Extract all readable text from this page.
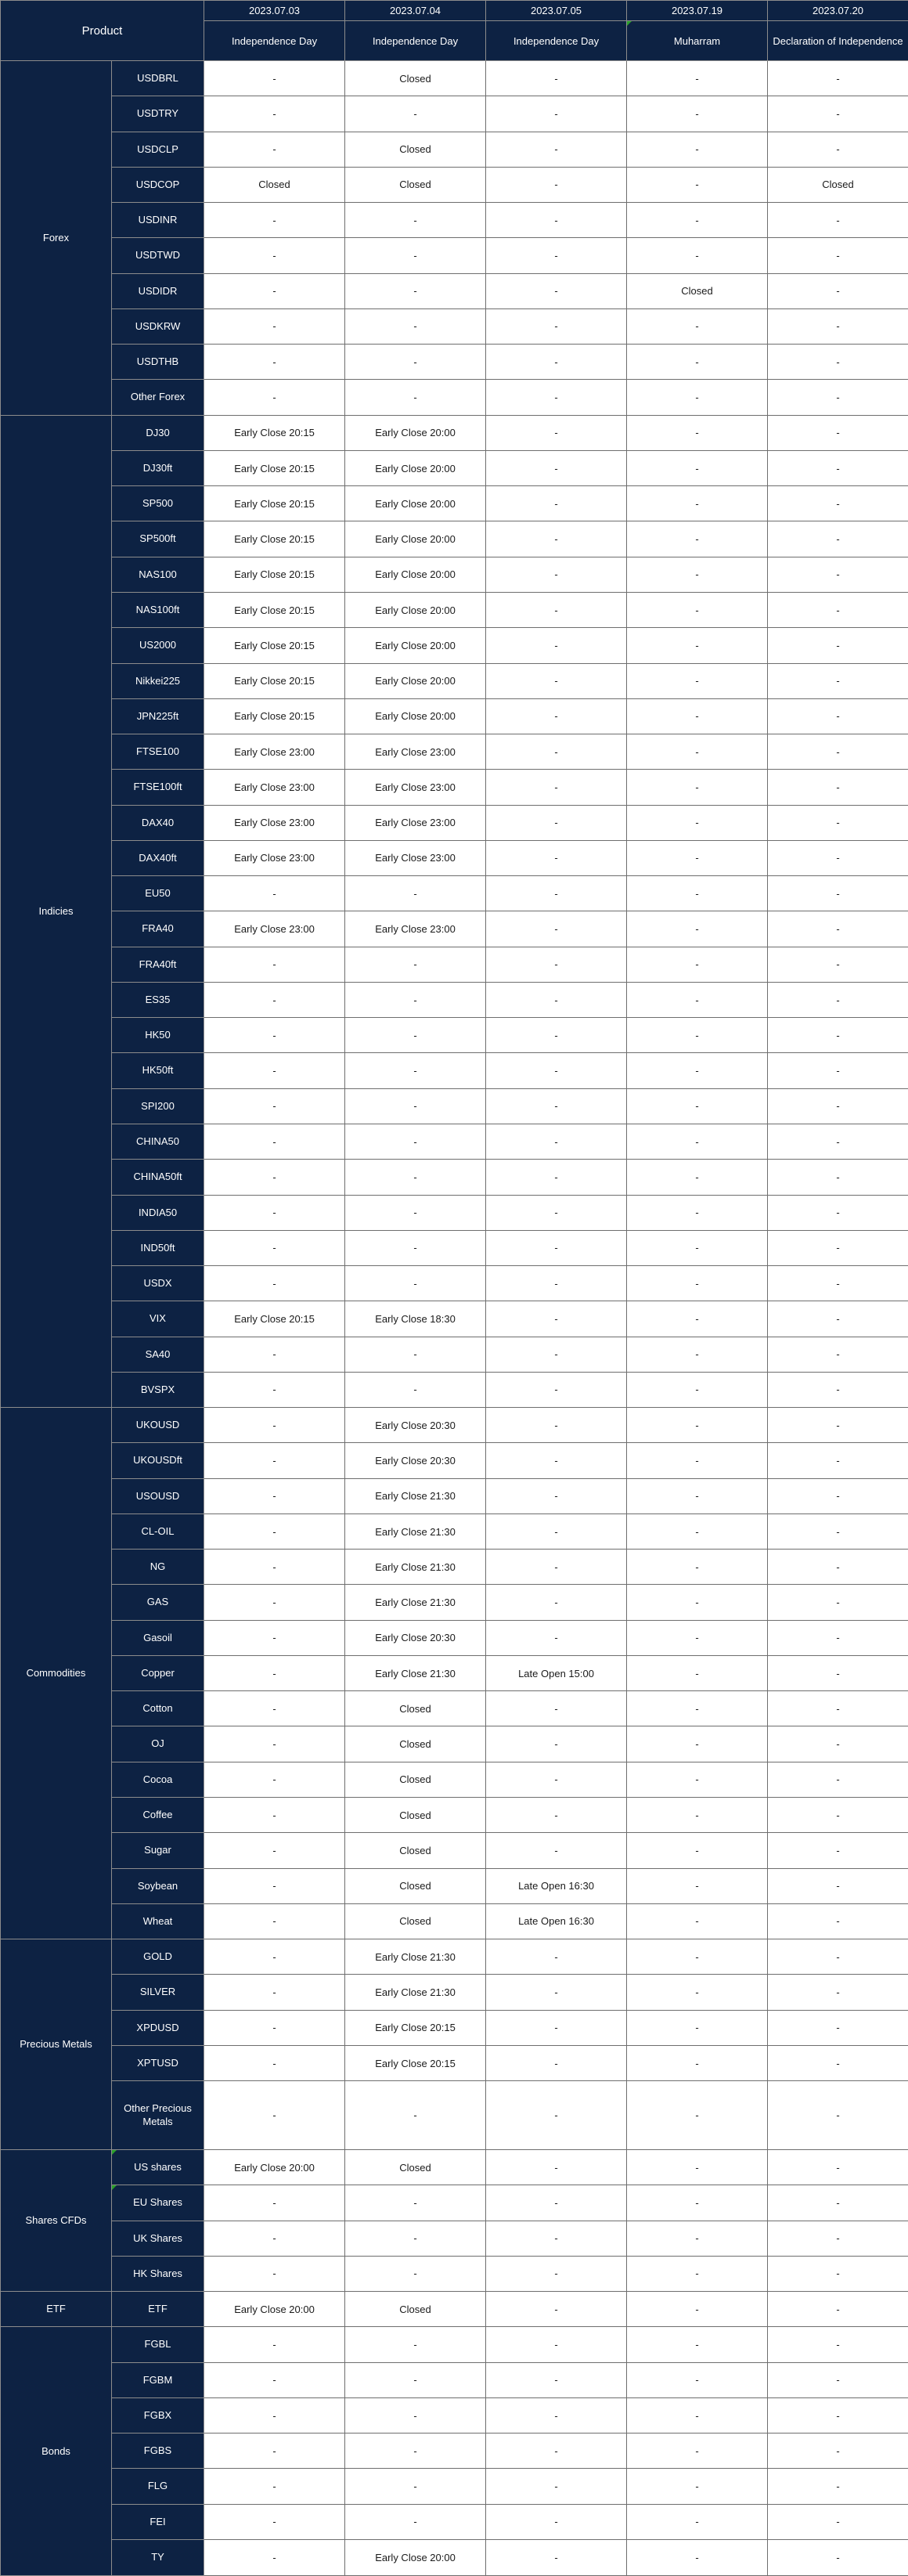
Product		2023.07.03	2023.07.04	2023.07.05	2023.07.19	2023.07.20
		Independence Day	Independence Day	Independence Day	Muharram	Declaration of Independence
Forex	USDBRL	-	Closed	-	-	-
	USDTRY	-	-	-	-	-
	USDCLP	-	Closed	-	-	-
	USDCOP	Closed	Closed	-	-	Closed
	USDINR	-	-	-	-	-
	USDTWD	-	-	-	-	-
	USDIDR	-	-	-	Closed	-
	USDKRW	-	-	-	-	-
	USDTHB	-	-	-	-	-
	Other Forex	-	-	-	-	-
Indicies	DJ30	Early Close 20:15	Early Close 20:00	-	-	-
	DJ30ft	Early Close 20:15	Early Close 20:00	-	-	-
	SP500	Early Close 20:15	Early Close 20:00	-	-	-
	SP500ft	Early Close 20:15	Early Close 20:00	-	-	-
	NAS100	Early Close 20:15	Early Close 20:00	-	-	-
	NAS100ft	Early Close 20:15	Early Close 20:00	-	-	-
	US2000	Early Close 20:15	Early Close 20:00	-	-	-
	Nikkei225	Early Close 20:15	Early Close 20:00	-	-	-
	JPN225ft	Early Close 20:15	Early Close 20:00	-	-	-
	FTSE100	Early Close 23:00	Early Close 23:00	-	-	-
	FTSE100ft	Early Close 23:00	Early Close 23:00	-	-	-
	DAX40	Early Close 23:00	Early Close 23:00	-	-	-
	DAX40ft	Early Close 23:00	Early Close 23:00	-	-	-
	EU50	-	-	-	-	-
	FRA40	Early Close 23:00	Early Close 23:00	-	-	-
	FRA40ft	-	-	-	-	-
	ES35	-	-	-	-	-
	HK50	-	-	-	-	-
	HK50ft	-	-	-	-	-
	SPI200	-	-	-	-	-
	CHINA50	-	-	-	-	-
	CHINA50ft	-	-	-	-	-
	INDIA50	-	-	-	-	-
	IND50ft	-	-	-	-	-
	USDX	-	-	-	-	-
	VIX	Early Close 20:15	Early Close 18:30	-	-	-
	SA40	-	-	-	-	-
	BVSPX	-	-	-	-	-
Commodities	UKOUSD	-	Early Close 20:30	-	-	-
	UKOUSDft	-	Early Close 20:30	-	-	-
	USOUSD	-	Early Close 21:30	-	-	-
	CL-OIL	-	Early Close 21:30	-	-	-
	NG	-	Early Close 21:30	-	-	-
	GAS	-	Early Close 21:30	-	-	-
	Gasoil	-	Early Close 20:30	-	-	-
	Copper	-	Early Close 21:30	Late Open 15:00	-	-
	Cotton	-	Closed	-	-	-
	OJ	-	Closed	-	-	-
	Cocoa	-	Closed	-	-	-
	Coffee	-	Closed	-	-	-
	Sugar	-	Closed	-	-	-
	Soybean	-	Closed	Late Open 16:30	-	-
	Wheat	-	Closed	Late Open 16:30	-	-
Precious Metals	GOLD	-	Early Close 21:30	-	-	-
	SILVER	-	Early Close 21:30	-	-	-
	XPDUSD	-	Early Close 20:15	-	-	-
	XPTUSD	-	Early Close 20:15	-	-	-
	Other Precious Metals	-	-	-	-	-
Shares CFDs	US shares	Early Close 20:00	Closed	-	-	-
	EU Shares	-	-	-	-	-
	UK Shares	-	-	-	-	-
	HK Shares	-	-	-	-	-
ETF	ETF	Early Close 20:00	Closed	-	-	-
Bonds	FGBL	-	-	-	-	-
	FGBM	-	-	-	-	-
	FGBX	-	-	-	-	-
	FGBS	-	-	-	-	-
	FLG	-	-	-	-	-
	FEI	-	-	-	-	-
	TY	-	Early Close 20:00	-	-	-
